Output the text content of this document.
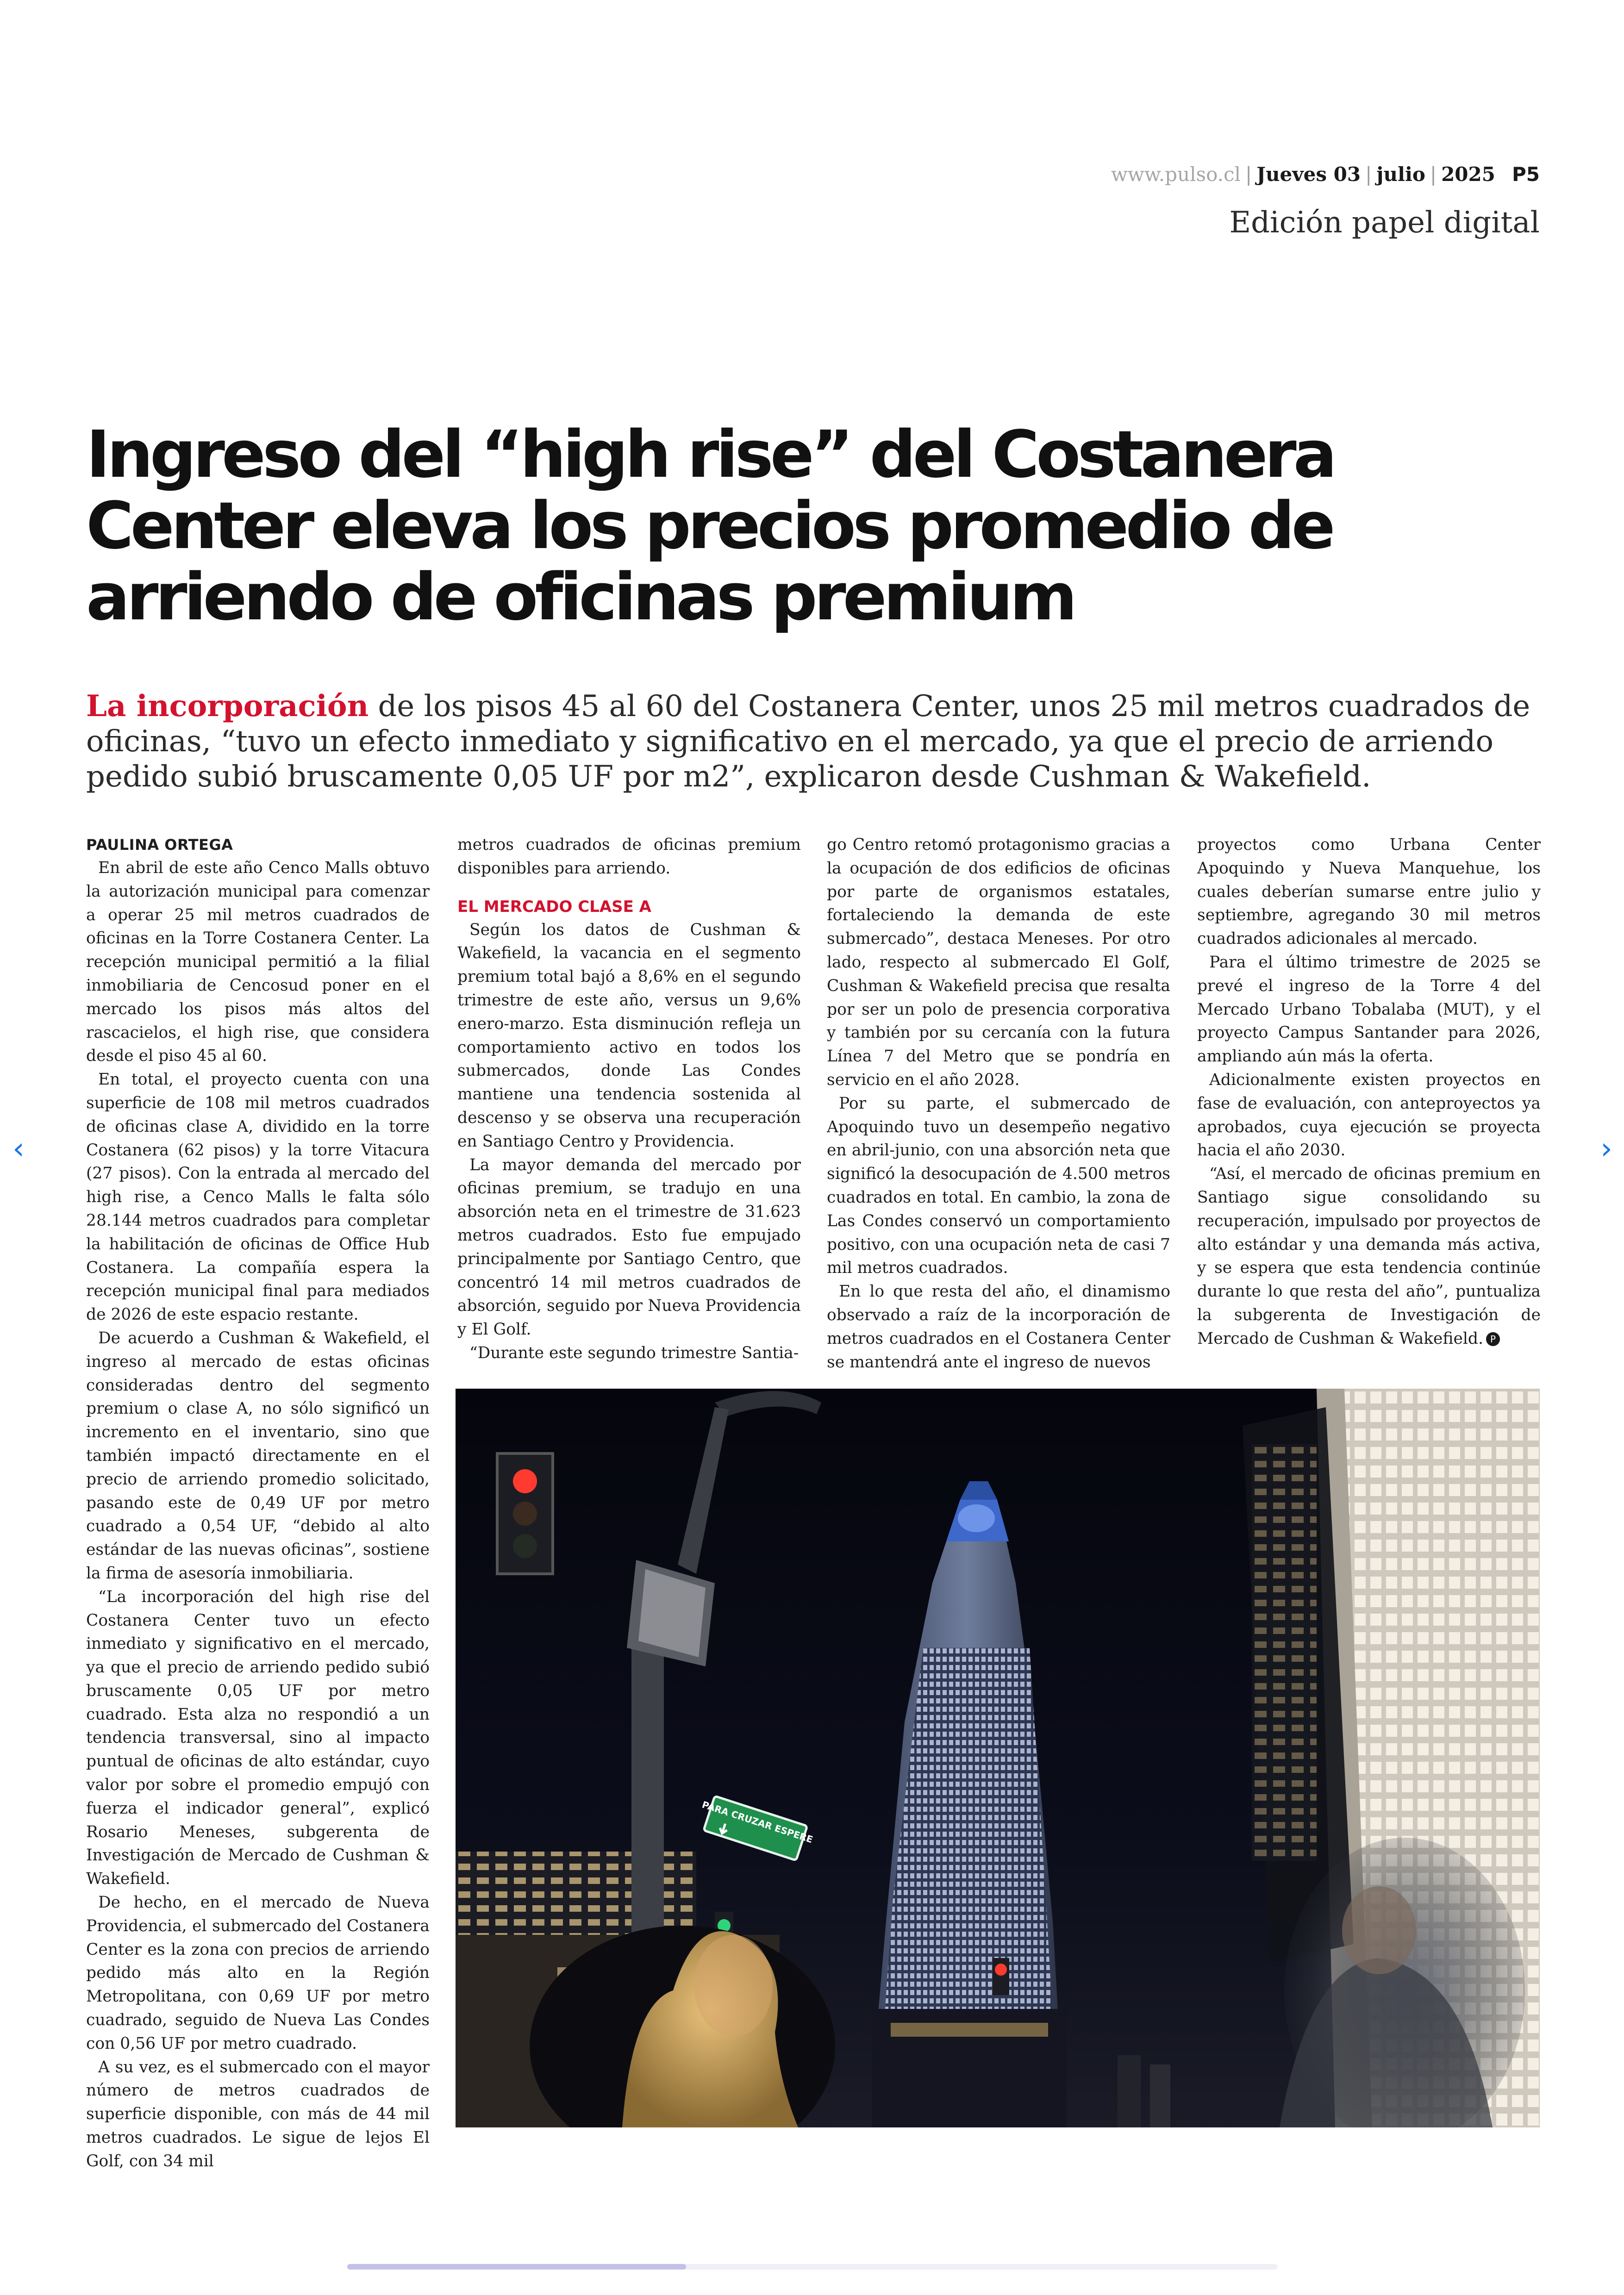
www.pulso.cl | Jueves 03 | julio | 2025 P5
Edición papel digital
Ingreso del “high rise” del Costanera Center eleva los precios promedio de arriendo de oficinas premium

La incorporación de los pisos 45 al 60 del Costanera Center, unos 25 mil metros cuadrados de oficinas, “tuvo un efecto inmediato y significativo en el mercado, ya que el precio de arriendo pedido subió bruscamente 0,05 UF por m2”, explicaron desde Cushman & Wakefield.

PAULINA ORTEGA

En abril de este año Cenco Malls obtuvo la autorización municipal para comenzar a operar 25 mil metros cuadrados de oficinas en la Torre Costanera Center. La recepción municipal permitió a la filial inmobiliaria de Cencosud poner en el mercado los pisos más altos del rascacielos, el high rise, que considera desde el piso 45 al 60.

En total, el proyecto cuenta con una superficie de 108 mil metros cuadrados de oficinas clase A, dividido en la torre Costanera (62 pisos) y la torre Vitacura (27 pisos). Con la entrada al mercado del high rise, a Cenco Malls le falta sólo 28.144 metros cuadrados para completar la habilitación de oficinas de Office Hub Costanera. La compañía espera la recepción municipal final para mediados de 2026 de este espacio restante.

De acuerdo a Cushman & Wakefield, el ingreso al mercado de estas oficinas consideradas dentro del segmento premium o clase A, no sólo significó un incremento en el inventario, sino que también impactó directamente en el precio de arriendo promedio solicitado, pasando este de 0,49 UF por metro cuadrado a 0,54 UF, “debido al alto estándar de las nuevas oficinas”, sostiene la firma de asesoría inmobiliaria.

“La incorporación del high rise del Costanera Center tuvo un efecto inmediato y significativo en el mercado, ya que el precio de arriendo pedido subió bruscamente 0,05 UF por metro cuadrado. Esta alza no respondió a un tendencia transversal, sino al impacto puntual de oficinas de alto estándar, cuyo valor por sobre el promedio empujó con fuerza el indicador general”, explicó Rosario Meneses, subgerenta de Investigación de Mercado de Cushman & Wakefield.

De hecho, en el mercado de Nueva Providencia, el submercado del Costanera Center es la zona con precios de arriendo pedido más alto en la Región Metropolitana, con 0,69 UF por metro cuadrado, seguido de Nueva Las Condes con 0,56 UF por metro cuadrado.

A su vez, es el submercado con el mayor número de metros cuadrados de superficie disponible, con más de 44 mil metros cuadrados. Le sigue de lejos El Golf, con 34 mil

metros cuadrados de oficinas premium disponibles para arriendo.

EL MERCADO CLASE A

Según los datos de Cushman & Wakefield, la vacancia en el segmento premium total bajó a 8,6% en el segundo trimestre de este año, versus un 9,6% enero-marzo. Esta disminución refleja un comportamiento activo en todos los submercados, donde Las Condes mantiene una tendencia sostenida al descenso y se observa una recuperación en Santiago Centro y Providencia.

La mayor demanda del mercado por oficinas premium, se tradujo en una absorción neta en el trimestre de 31.623 metros cuadrados. Esto fue empujado principalmente por Santiago Centro, que concentró 14 mil metros cuadrados de absorción, seguido por Nueva Providencia y El Golf.

“Durante este segundo trimestre Santia-

go Centro retomó protagonismo gracias a la ocupación de dos edificios de oficinas por parte de organismos estatales, fortaleciendo la demanda de este submercado”, destaca Meneses. Por otro lado, respecto al submercado El Golf, Cushman & Wakefield precisa que resalta por ser un polo de presencia corporativa y también por su cercanía con la futura Línea 7 del Metro que se pondría en servicio en el año 2028.

Por su parte, el submercado de Apoquindo tuvo un desempeño negativo en abril-junio, con una absorción neta que significó la desocupación de 4.500 metros cuadrados en total. En cambio, la zona de Las Condes conservó un comportamiento positivo, con una ocupación neta de casi 7 mil metros cuadrados.

En lo que resta del año, el dinamismo observado a raíz de la incorporación de metros cuadrados en el Costanera Center se mantendrá ante el ingreso de nuevos

proyectos como Urbana Center Apoquindo y Nueva Manquehue, los cuales deberían sumarse entre julio y septiembre, agregando 30 mil metros cuadrados adicionales al mercado.

Para el último trimestre de 2025 se prevé el ingreso de la Torre 4 del Mercado Urbano Tobalaba (MUT), y el proyecto Campus Santander para 2026, ampliando aún más la oferta.

Adicionalmente existen proyectos en fase de evaluación, con anteproyectos ya aprobados, cuya ejecución se proyecta hacia el año 2030.

“Así, el mercado de oficinas premium en Santiago sigue consolidando su recuperación, impulsado por proyectos de alto estándar y una demanda más activa, y se espera que esta tendencia continúe durante lo que resta del año”, puntualiza la subgerenta de Investigación de Mercado de Cushman & Wakefield. P

PARA CRUZAR ESPERE
‹	›
